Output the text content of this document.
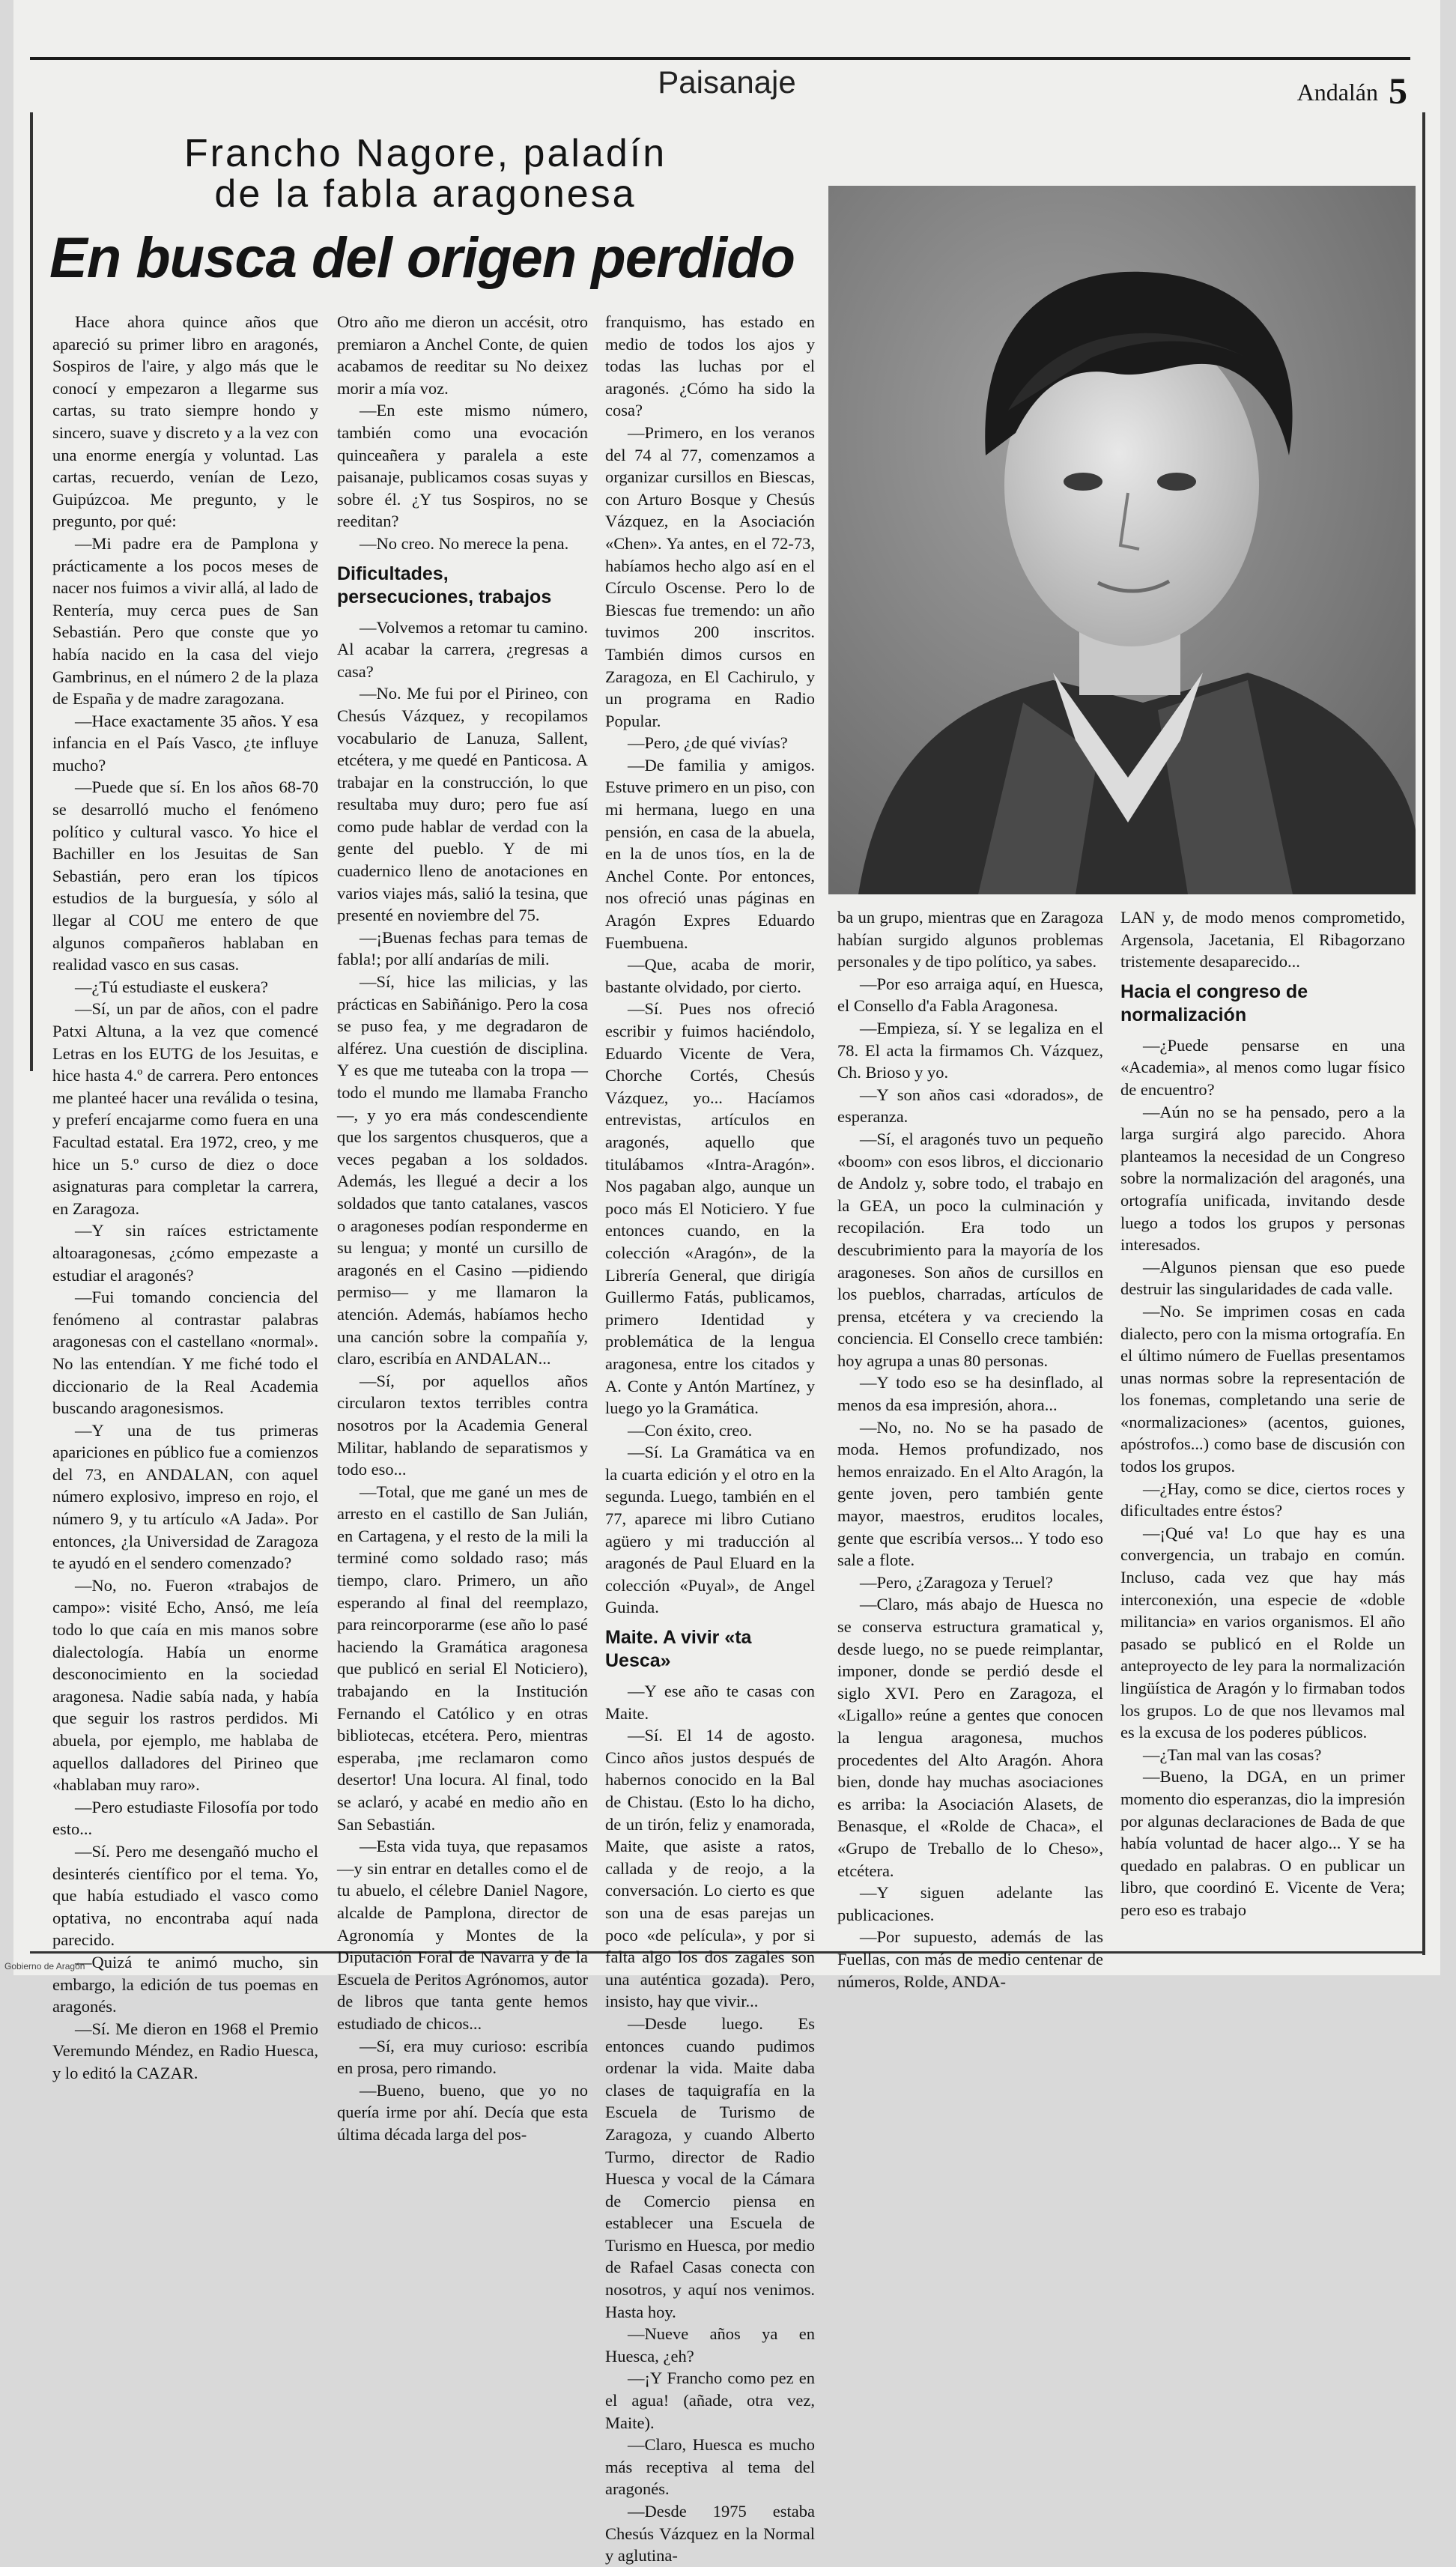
Paisanaje	Andalán 5
Francho Nagore, paladín
de la fabla aragonesa
En busca del origen perdido

Hace ahora quince años que apareció su primer libro en aragonés, Sospiros de l'aire, y algo más que le conocí y empezaron a llegarme sus cartas, su trato siempre hondo y sincero, suave y discreto y a la vez con una enorme energía y voluntad. Las cartas, recuerdo, venían de Lezo, Guipúzcoa. Me pregunto, y le pregunto, por qué:

—Mi padre era de Pamplona y prácticamente a los pocos meses de nacer nos fuimos a vivir allá, al lado de Rentería, muy cerca pues de San Sebastián. Pero que conste que yo había nacido en la casa del viejo Gambrinus, en el número 2 de la plaza de España y de madre zaragozana.

—Hace exactamente 35 años. Y esa infancia en el País Vasco, ¿te influye mucho?

—Puede que sí. En los años 68-70 se desarrolló mucho el fenómeno político y cultural vasco. Yo hice el Bachiller en los Jesuitas de San Sebastián, pero eran los típicos estudios de la burguesía, y sólo al llegar al COU me entero de que algunos compañeros hablaban en realidad vasco en sus casas.

—¿Tú estudiaste el euskera?

—Sí, un par de años, con el padre Patxi Altuna, a la vez que comencé Letras en los EUTG de los Jesuitas, e hice hasta 4.º de carrera. Pero entonces me planteé hacer una reválida o tesina, y preferí encajarme como fuera en una Facultad estatal. Era 1972, creo, y me hice un 5.º curso de diez o doce asignaturas para completar la carrera, en Zaragoza.

—Y sin raíces estrictamente altoaragonesas, ¿cómo empezaste a estudiar el aragonés?

—Fui tomando conciencia del fenómeno al contrastar palabras aragonesas con el castellano «normal». No las entendían. Y me fiché todo el diccionario de la Real Academia buscando aragonesismos.

—Y una de tus primeras apariciones en público fue a comienzos del 73, en ANDALAN, con aquel número explosivo, impreso en rojo, el número 9, y tu artículo «A Jada». Por entonces, ¿la Universidad de Zaragoza te ayudó en el sendero comenzado?

—No, no. Fueron «trabajos de campo»: visité Echo, Ansó, me leía todo lo que caía en mis manos sobre dialectología. Había un enorme desconocimiento en la sociedad aragonesa. Nadie sabía nada, y había que seguir los rastros perdidos. Mi abuela, por ejemplo, me hablaba de aquellos dalladores del Pirineo que «hablaban muy raro».

—Pero estudiaste Filosofía por todo esto...

—Sí. Pero me desengañó mucho el desinterés científico por el tema. Yo, que había estudiado el vasco como optativa, no encontraba aquí nada parecido.

—Quizá te animó mucho, sin embargo, la edición de tus poemas en aragonés.

—Sí. Me dieron en 1968 el Premio Veremundo Méndez, en Radio Huesca, y lo editó la CAZAR.

Otro año me dieron un accésit, otro premiaron a Anchel Conte, de quien acabamos de reeditar su No deixez morir a mía voz.

—En este mismo número, también como una evocación quinceañera y paralela a este paisanaje, publicamos cosas suyas y sobre él. ¿Y tus Sospiros, no se reeditan?

—No creo. No merece la pena.

Dificultades, persecuciones, trabajos

—Volvemos a retomar tu camino. Al acabar la carrera, ¿regresas a casa?

—No. Me fui por el Pirineo, con Chesús Vázquez, y recopilamos vocabulario de Lanuza, Sallent, etcétera, y me quedé en Panticosa. A trabajar en la construcción, lo que resultaba muy duro; pero fue así como pude hablar de verdad con la gente del pueblo. Y de mi cuadernico lleno de anotaciones en varios viajes más, salió la tesina, que presenté en noviembre del 75.

—¡Buenas fechas para temas de fabla!; por allí andarías de mili.

—Sí, hice las milicias, y las prácticas en Sabiñánigo. Pero la cosa se puso fea, y me degradaron de alférez. Una cuestión de disciplina. Y es que me tuteaba con la tropa —todo el mundo me llamaba Francho—, y yo era más condescendiente que los sargentos chusqueros, que a veces pegaban a los soldados. Además, les llegué a decir a los soldados que tanto catalanes, vascos o aragoneses podían responderme en su lengua; y monté un cursillo de aragonés en el Casino —pidiendo permiso— y me llamaron la atención. Además, habíamos hecho una canción sobre la compañía y, claro, escribía en ANDALAN...

—Sí, por aquellos años circularon textos terribles contra nosotros por la Academia General Militar, hablando de separatismos y todo eso...

—Total, que me gané un mes de arresto en el castillo de San Julián, en Cartagena, y el resto de la mili la terminé como soldado raso; más tiempo, claro. Primero, un año esperando al final del reemplazo, para reincorporarme (ese año lo pasé haciendo la Gramática aragonesa que publicó en serial El Noticiero), trabajando en la Institución Fernando el Católico y en otras bibliotecas, etcétera. Pero, mientras esperaba, ¡me reclamaron como desertor! Una locura. Al final, todo se aclaró, y acabé en medio año en San Sebastián.

—Esta vida tuya, que repasamos —y sin entrar en detalles como el de tu abuelo, el célebre Daniel Nagore, alcalde de Pamplona, director de Agronomía y Montes de la Diputación Foral de Navarra y de la Escuela de Peritos Agrónomos, autor de libros que tanta gente hemos estudiado de chicos...

—Sí, era muy curioso: escribía en prosa, pero rimando.

—Bueno, bueno, que yo no quería irme por ahí. Decía que esta última década larga del pos-

franquismo, has estado en medio de todos los ajos y todas las luchas por el aragonés. ¿Cómo ha sido la cosa?

—Primero, en los veranos del 74 al 77, comenzamos a organizar cursillos en Biescas, con Arturo Bosque y Chesús Vázquez, en la Asociación «Chen». Ya antes, en el 72-73, habíamos hecho algo así en el Círculo Oscense. Pero lo de Biescas fue tremendo: un año tuvimos 200 inscritos. También dimos cursos en Zaragoza, en El Cachirulo, y un programa en Radio Popular.

—Pero, ¿de qué vivías?

—De familia y amigos. Estuve primero en un piso, con mi hermana, luego en una pensión, en casa de la abuela, en la de unos tíos, en la de Anchel Conte. Por entonces, nos ofreció unas páginas en Aragón Expres Eduardo Fuembuena.

—Que, acaba de morir, bastante olvidado, por cierto.

—Sí. Pues nos ofreció escribir y fuimos haciéndolo, Eduardo Vicente de Vera, Chorche Cortés, Chesús Vázquez, yo... Hacíamos entrevistas, artículos en aragonés, aquello que titulábamos «Intra-Aragón». Nos pagaban algo, aunque un poco más El Noticiero. Y fue entonces cuando, en la colección «Aragón», de la Librería General, que dirigía Guillermo Fatás, publicamos, primero Identidad y problemática de la lengua aragonesa, entre los citados y A. Conte y Antón Martínez, y luego yo la Gramática.

—Con éxito, creo.

—Sí. La Gramática va en la cuarta edición y el otro en la segunda. Luego, también en el 77, aparece mi libro Cutiano agüero y mi traducción al aragonés de Paul Eluard en la colección «Puyal», de Angel Guinda.

Maite. A vivir «ta Uesca»

—Y ese año te casas con Maite.

—Sí. El 14 de agosto. Cinco años justos después de habernos conocido en la Bal de Chistau. (Esto lo ha dicho, de un tirón, feliz y enamorada, Maite, que asiste a ratos, callada y de reojo, a la conversación. Lo cierto es que son una de esas parejas un poco «de película», y por si falta algo los dos zagales son una auténtica gozada). Pero, insisto, hay que vivir...

—Desde luego. Es entonces cuando pudimos ordenar la vida. Maite daba clases de taquigrafía en la Escuela de Turismo de Zaragoza, y cuando Alberto Turmo, director de Radio Huesca y vocal de la Cámara de Comercio piensa en establecer una Escuela de Turismo en Huesca, por medio de Rafael Casas conecta con nosotros, y aquí nos venimos. Hasta hoy.

—Nueve años ya en Huesca, ¿eh?

—¡Y Francho como pez en el agua! (añade, otra vez, Maite).

—Claro, Huesca es mucho más receptiva al tema del aragonés.

—Desde 1975 estaba Chesús Vázquez en la Normal y aglutina-

ba un grupo, mientras que en Zaragoza habían surgido algunos problemas personales y de tipo político, ya sabes.

—Por eso arraiga aquí, en Huesca, el Consello d'a Fabla Aragonesa.

—Empieza, sí. Y se legaliza en el 78. El acta la firmamos Ch. Vázquez, Ch. Brioso y yo.

—Y son años casi «dorados», de esperanza.

—Sí, el aragonés tuvo un pequeño «boom» con esos libros, el diccionario de Andolz y, sobre todo, el trabajo en la GEA, un poco la culminación y recopilación. Era todo un descubrimiento para la mayoría de los aragoneses. Son años de cursillos en los pueblos, charradas, artículos de prensa, etcétera y va creciendo la conciencia. El Consello crece también: hoy agrupa a unas 80 personas.

—Y todo eso se ha desinflado, al menos da esa impresión, ahora...

—No, no. No se ha pasado de moda. Hemos profundizado, nos hemos enraizado. En el Alto Aragón, la gente joven, pero también gente mayor, maestros, eruditos locales, gente que escribía versos... Y todo eso sale a flote.

—Pero, ¿Zaragoza y Teruel?

—Claro, más abajo de Huesca no se conserva estructura gramatical y, desde luego, no se puede reimplantar, imponer, donde se perdió desde el siglo XVI. Pero en Zaragoza, el «Ligallo» reúne a gentes que conocen la lengua aragonesa, muchos procedentes del Alto Aragón. Ahora bien, donde hay muchas asociaciones es arriba: la Asociación Alasets, de Benasque, el «Rolde de Chaca», el «Grupo de Treballo de lo Cheso», etcétera.

—Y siguen adelante las publicaciones.

—Por supuesto, además de las Fuellas, con más de medio centenar de números, Rolde, ANDA-

LAN y, de modo menos comprometido, Argensola, Jacetania, El Ribagorzano tristemente desaparecido...

Hacia el congreso de normalización

—¿Puede pensarse en una «Academia», al menos como lugar físico de encuentro?

—Aún no se ha pensado, pero a la larga surgirá algo parecido. Ahora planteamos la necesidad de un Congreso sobre la normalización del aragonés, una ortografía unificada, invitando desde luego a todos los grupos y personas interesados.

—Algunos piensan que eso puede destruir las singularidades de cada valle.

—No. Se imprimen cosas en cada dialecto, pero con la misma ortografía. En el último número de Fuellas presentamos unas normas sobre la representación de los fonemas, completando una serie de «normalizaciones» (acentos, guiones, apóstrofos...) como base de discusión con todos los grupos.

—¿Hay, como se dice, ciertos roces y dificultades entre éstos?

—¡Qué va! Lo que hay es una convergencia, un trabajo en común. Incluso, cada vez que hay más interconexión, una especie de «doble militancia» en varios organismos. El año pasado se publicó en el Rolde un anteproyecto de ley para la normalización lingüística de Aragón y lo firmaban todos los grupos. Lo de que nos llevamos mal es la excusa de los poderes públicos.

—¿Tan mal van las cosas?

—Bueno, la DGA, en un primer momento dio esperanzas, dio la impresión por algunas declaraciones de Bada de que había voluntad de hacer algo... Y se ha quedado en palabras. O en publicar un libro, que coordinó E. Vicente de Vera; pero eso es trabajo

Gobierno de Aragón
